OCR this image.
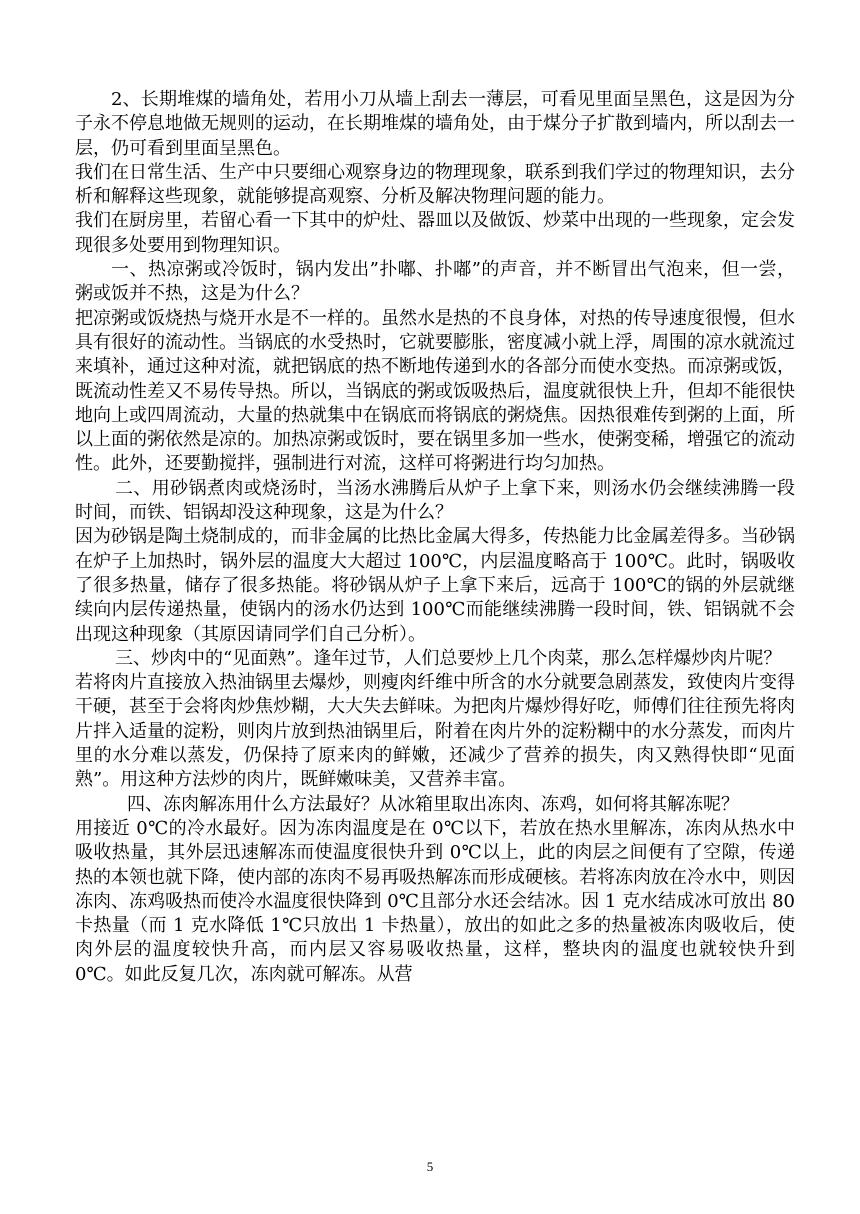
2、长期堆煤的墙角处，若用小刀从墙上刮去一薄层，可看见里面呈黑色，这是因为分子永不停息地做无规则的运动，在长期堆煤的墙角处，由于煤分子扩散到墙内，所以刮去一层，仍可看到里面呈黑色。

我们在日常生活、生产中只要细心观察身边的物理现象，联系到我们学过的物理知识，去分析和解释这些现象，就能够提高观察、分析及解决物理问题的能力。

我们在厨房里，若留心看一下其中的炉灶、器皿以及做饭、炒菜中出现的一些现象，定会发现很多处要用到物理知识。

一、热凉粥或冷饭时，锅内发出”扑嘟、扑嘟”的声音，并不断冒出气泡来，但一尝，粥或饭并不热，这是为什么？

把凉粥或饭烧热与烧开水是不一样的。虽然水是热的不良身体，对热的传导速度很慢，但水具有很好的流动性。当锅底的水受热时，它就要膨胀，密度减小就上浮，周围的凉水就流过来填补，通过这种对流，就把锅底的热不断地传递到水的各部分而使水变热。而凉粥或饭，既流动性差又不易传导热。所以，当锅底的粥或饭吸热后，温度就很快上升，但却不能很快地向上或四周流动，大量的热就集中在锅底而将锅底的粥烧焦。因热很难传到粥的上面，所以上面的粥依然是凉的。加热凉粥或饭时，要在锅里多加一些水，使粥变稀，增强它的流动性。此外，还要勤搅拌，强制进行对流，这样可将粥进行均匀加热。

二、用砂锅煮肉或烧汤时，当汤水沸腾后从炉子上拿下来，则汤水仍会继续沸腾一段时间，而铁、铝锅却没这种现象，这是为什么？

因为砂锅是陶土烧制成的，而非金属的比热比金属大得多，传热能力比金属差得多。当砂锅在炉子上加热时，锅外层的温度大大超过 100℃，内层温度略高于 100℃。此时，锅吸收了很多热量，储存了很多热能。将砂锅从炉子上拿下来后，远高于 100℃的锅的外层就继续向内层传递热量，使锅内的汤水仍达到 100℃而能继续沸腾一段时间，铁、铝锅就不会出现这种现象（其原因请同学们自己分析）。

三、炒肉中的“见面熟”。逢年过节，人们总要炒上几个肉菜，那么怎样爆炒肉片呢？

若将肉片直接放入热油锅里去爆炒，则瘦肉纤维中所含的水分就要急剧蒸发，致使肉片变得干硬，甚至于会将肉炒焦炒糊，大大失去鲜味。为把肉片爆炒得好吃，师傅们往往预先将肉片拌入适量的淀粉，则肉片放到热油锅里后，附着在肉片外的淀粉糊中的水分蒸发，而肉片里的水分难以蒸发，仍保持了原来肉的鲜嫩，还减少了营养的损失，肉又熟得快即“见面熟”。用这种方法炒的肉片，既鲜嫩味美，又营养丰富。

四、冻肉解冻用什么方法最好？从冰箱里取出冻肉、冻鸡，如何将其解冻呢？

用接近 0℃的冷水最好。因为冻肉温度是在 0℃以下，若放在热水里解冻，冻肉从热水中吸收热量，其外层迅速解冻而使温度很快升到 0℃以上，此的肉层之间便有了空隙，传递热的本领也就下降，使内部的冻肉不易再吸热解冻而形成硬核。若将冻肉放在冷水中，则因冻肉、冻鸡吸热而使冷水温度很快降到 0℃且部分水还会结冰。因 1 克水结成冰可放出 80 卡热量（而 1 克水降低 1℃只放出 1 卡热量），放出的如此之多的热量被冻肉吸收后，使肉外层的温度较快升高，而内层又容易吸收热量，这样，整块肉的温度也就较快升到 0℃。如此反复几次，冻肉就可解冻。从营

5
